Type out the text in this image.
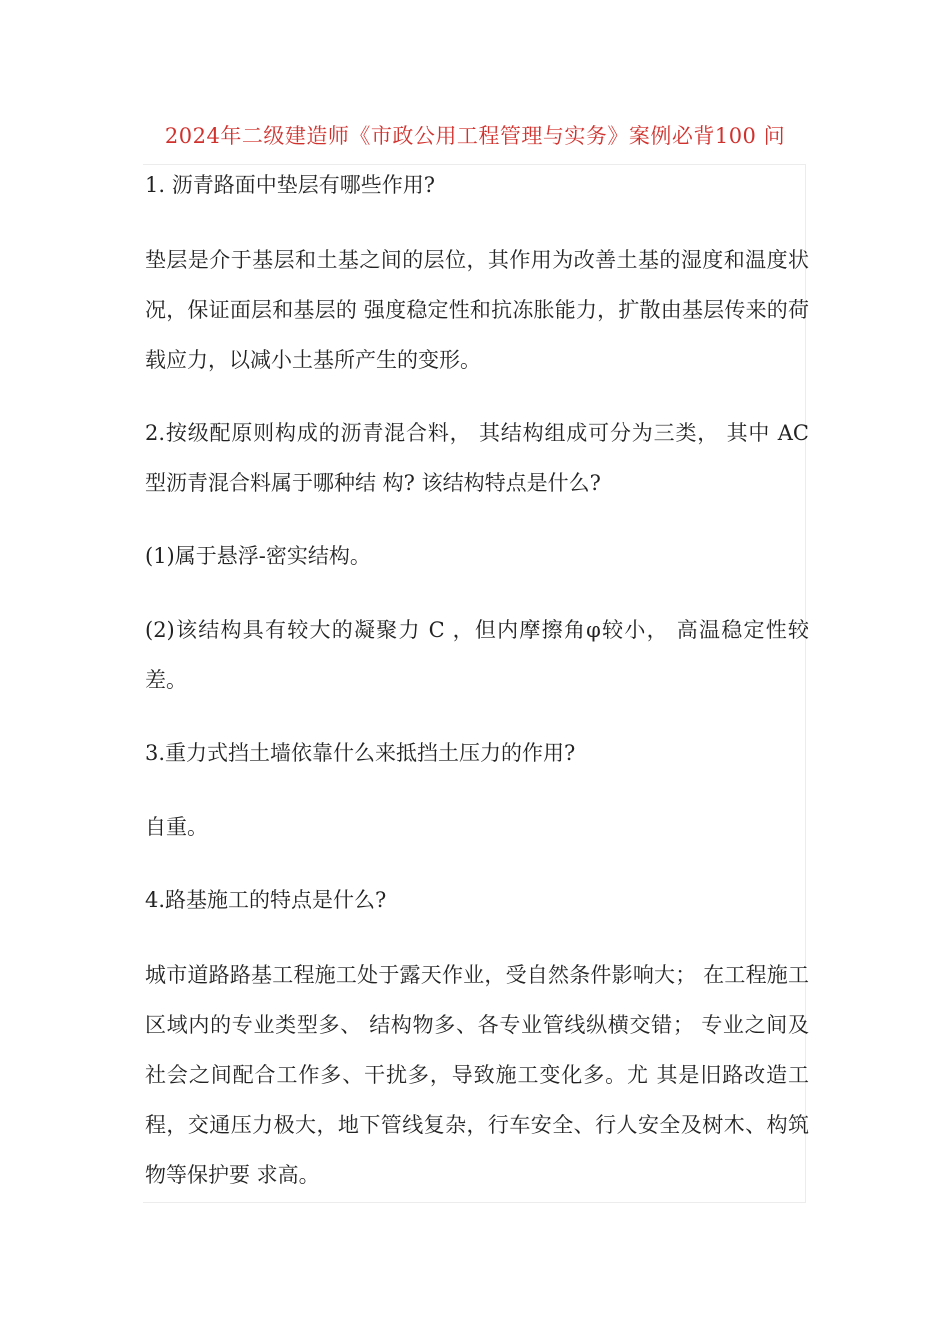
2024年二级建造师《市政公用工程管理与实务》案例必背100 问

1. 沥青路面中垫层有哪些作用?

垫层是介于基层和土基之间的层位，其作用为改善土基的湿度和温度状况，保证面层和基层的 强度稳定性和抗冻胀能力，扩散由基层传来的荷载应力，以减小土基所产生的变形。

2.按级配原则构成的沥青混合料， 其结构组成可分为三类， 其中 AC 型沥青混合料属于哪种结 构? 该结构特点是什么?

(1)属于悬浮-密实结构。

(2)该结构具有较大的凝聚力 C ，但内摩擦角φ较小， 高温稳定性较差。

3.重力式挡土墙依靠什么来抵挡土压力的作用?

自重。

4.路基施工的特点是什么?

城市道路路基工程施工处于露天作业，受自然条件影响大； 在工程施工区域内的专业类型多、 结构物多、各专业管线纵横交错； 专业之间及社会之间配合工作多、干扰多，导致施工变化多。尤 其是旧路改造工程，交通压力极大，地下管线复杂，行车安全、行人安全及树木、构筑物等保护要 求高。
